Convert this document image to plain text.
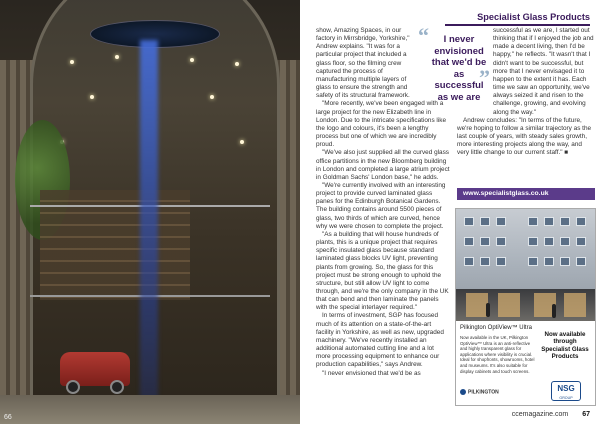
66
Specialist Glass Products

show, Amazing Spaces, in our factory in Mirrsbridge, Yorkshire," Andrew explains. "It was for a particular project that included a glass floor, so the filming crew captured the process of manufacturing multiple layers of glass to ensure the strength and safety of its structural framework.

"More recently, we've been engaged with a large project for the new Elizabeth line in London. Due to the intricate specifications like the logo and colours, it's been a lengthy process but one of which we are incredibly proud.

"We've also just supplied all the curved glass office partitions in the new Bloomberg building in London and completed a large atrium project in Goldman Sachs' London base," he adds.

"We're currently involved with an interesting project to provide curved laminated glass panes for the Edinburgh Botanical Gardens. The building contains around 5500 pieces of glass, two thirds of which are curved, hence why we were chosen to complete the project.

"As a building that will house hundreds of plants, this is a unique project that requires specific insulated glass because standard laminated glass blocks UV light, preventing plants from growing. So, the glass for this project must be strong enough to uphold the structure, but still allow UV light to come through, and we're the only company in the UK that can bend and then laminate the panels with the special interlayer required."

In terms of investment, SGP has focused much of its attention on a state-of-the-art facility in Yorkshire, as well as new, upgraded machinery. "We've recently installed an additional automated cutting line and a lot more processing equipment to enhance our production capabilities," says Andrew.

"I never envisioned that we'd be as

“	I never envisioned that we'd be as successful as we are
”

successful as we are, I started out thinking that if I enjoyed the job and made a decent living, then I'd be happy," he reflects. "It wasn't that I didn't want to be successful, but more that I never envisaged it to happen to the extent it has. Each time we saw an opportunity, we've always seized it and risen to the challenge, growing, and evolving along the way."

Andrew concludes: "In terms of the future, we're hoping to follow a similar trajectory as the last couple of years, with steady sales growth, more interesting projects along the way, and very little change to our current staff." ■

www.specialistglass.co.uk
Pilkington OptiView™ Ultra
Now available in the UK, Pilkington OptiView™ Ultra is an anti-reflective and highly transparent glass for applications where visibility is crucial. Ideal for shopfronts, showrooms, hotel and museums. It's also suitable for display cabinets and touch screens.
Now available through Specialist Glass Products
PILKINGTON	NSG
GROUP
ccemagazine.com 67
